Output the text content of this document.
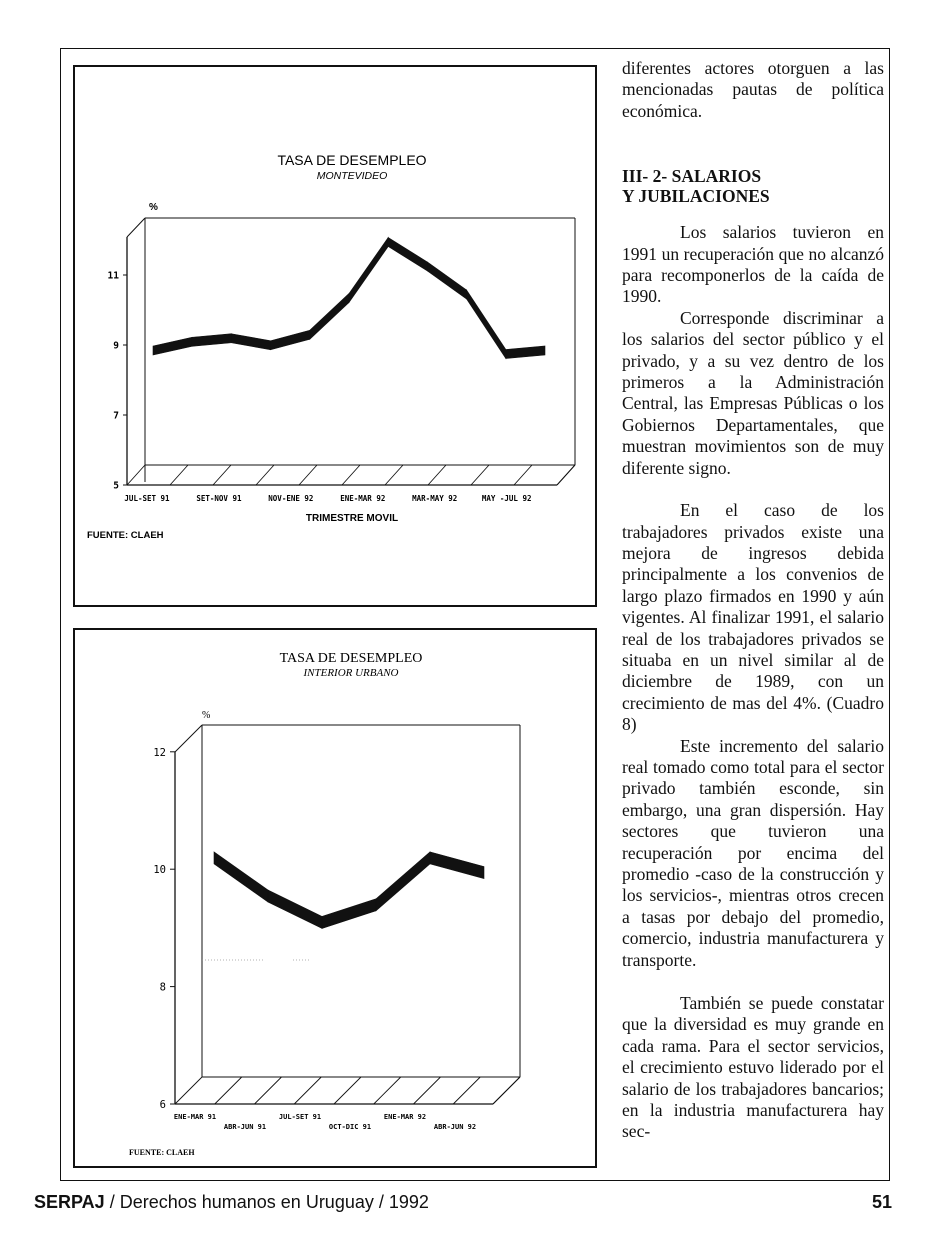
TASA DE DESEMPLEO
MONTEVIDEO
%
11
9
7
5
JUL-SET 91	SET-NOV 91	NOV-ENE 92	ENE-MAR 92	MAR-MAY 92	MAY -JUL 92
TRIMESTRE MOVIL
FUENTE: CLAEH
TASA DE DESEMPLEO
INTERIOR URBANO
%
12
10
8
6
ENE-MAR 91	JUL-SET 91	ENE-MAR 92
ABR-JUN 91	OCT-DIC 91	ABR-JUN 92
FUENTE: CLAEH

diferentes actores otorguen a las mencionadas pautas de política económica.

III- 2- SALARIOS
Y JUBILACIONES

Los salarios tuvieron en 1991 un recuperación que no alcanzó para recomponerlos de la caída de 1990.

Corresponde discriminar a los salarios del sector público y el privado, y a su vez dentro de los primeros a la Administración Central, las Empresas Públicas o los Gobiernos Departamentales, que muestran movimientos son de muy diferente signo.

En el caso de los trabajadores privados existe una mejora de ingresos debida principalmente a los convenios de largo plazo firmados en 1990 y aún vigentes. Al finalizar 1991, el salario real de los trabajadores privados se situaba en un nivel similar al de diciembre de 1989, con un crecimiento de mas del 4%. (Cuadro 8)

Este incremento del salario real tomado como total para el sector privado también esconde, sin embargo, una gran dispersión. Hay sectores que tuvieron una recuperación por encima del promedio -caso de la construcción y los servicios-, mientras otros crecen a tasas por debajo del promedio, comercio, industria manufacturera y transporte.

También se puede constatar que la diversidad es muy grande en cada rama. Para el sector servicios, el crecimiento estuvo liderado por el salario de los trabajadores bancarios; en la industria manufacturera hay sec-

SERPAJ / Derechos humanos en Uruguay / 1992	51
